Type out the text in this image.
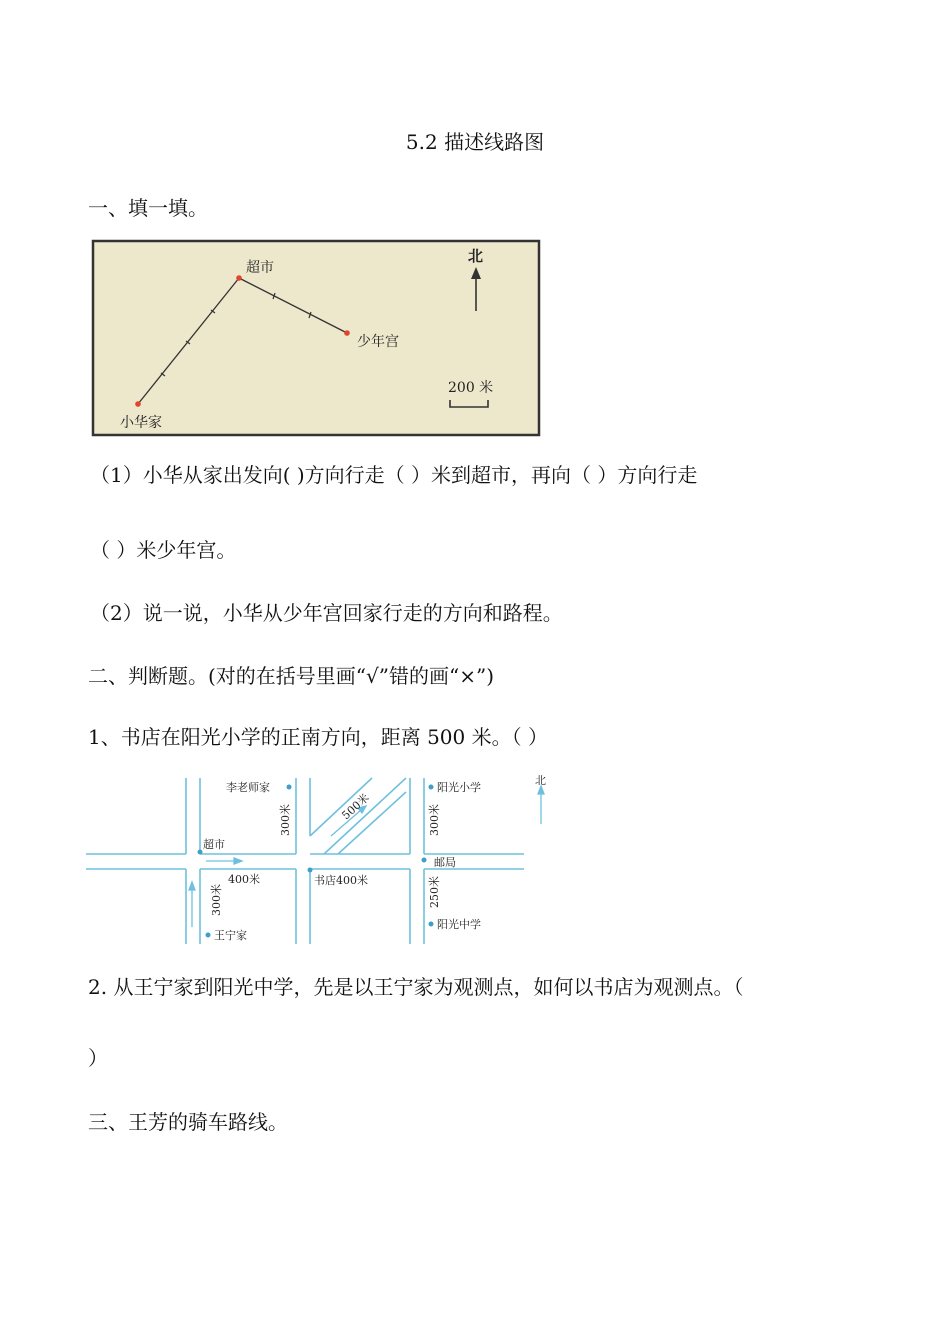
5.2 描述线路图
一、填一填。
超市
少年宫
小华家
北
200 米
（1）小华从家出发向( )方向行走（ ）米到超市，再向（ ）方向行走
（ ）米少年宫。
（2）说一说，小华从少年宫回家行走的方向和路程。
二、判断题。(对的在括号里画“√”错的画“×”)
1、书店在阳光小学的正南方向，距离 500 米。（ ）
李老师家
超市
王宁家
书店
邮局
阳光小学
阳光中学
北
400米	400米
300米
300米
300米
250米
500米
2. 从王宁家到阳光中学，先是以王宁家为观测点，如何以书店为观测点。（
）
三、王芳的骑车路线。
